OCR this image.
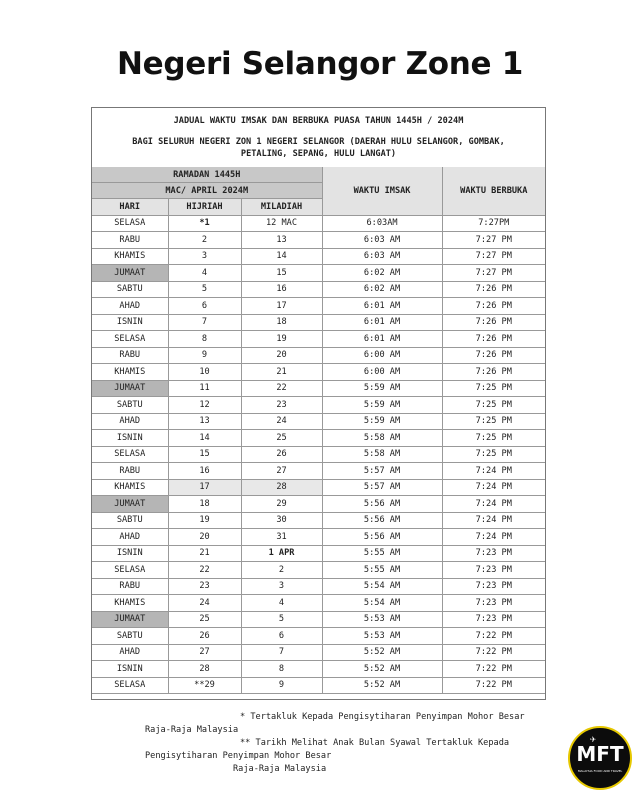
Negeri Selangor Zone 1
JADUAL WAKTU IMSAK DAN BERBUKA PUASA TAHUN 1445H / 2024M
BAGI SELURUH NEGERI ZON 1 NEGERI SELANGOR (DAERAH HULU SELANGOR, GOMBAK, PETALING, SEPANG, HULU LANGAT)
RAMADAN 1445H			WAKTU IMSAK	WAKTU BERBUKA
MAC/ APRIL 2024M				
HARI	HIJRIAH	MILADIAH		
SELASA	*1	12 MAC	6:03AM	7:27PM
RABU	2	13	6:03 AM	7:27 PM
KHAMIS	3	14	6:03 AM	7:27 PM
JUMAAT	4	15	6:02 AM	7:27 PM
SABTU	5	16	6:02 AM	7:26 PM
AHAD	6	17	6:01 AM	7:26 PM
ISNIN	7	18	6:01 AM	7:26 PM
SELASA	8	19	6:01 AM	7:26 PM
RABU	9	20	6:00 AM	7:26 PM
KHAMIS	10	21	6:00 AM	7:26 PM
JUMAAT	11	22	5:59 AM	7:25 PM
SABTU	12	23	5:59 AM	7:25 PM
AHAD	13	24	5:59 AM	7:25 PM
ISNIN	14	25	5:58 AM	7:25 PM
SELASA	15	26	5:58 AM	7:25 PM
RABU	16	27	5:57 AM	7:24 PM
KHAMIS	17	28	5:57 AM	7:24 PM
JUMAAT	18	29	5:56 AM	7:24 PM
SABTU	19	30	5:56 AM	7:24 PM
AHAD	20	31	5:56 AM	7:24 PM
ISNIN	21	1 APR	5:55 AM	7:23 PM
SELASA	22	2	5:55 AM	7:23 PM
RABU	23	3	5:54 AM	7:23 PM
KHAMIS	24	4	5:54 AM	7:23 PM
JUMAAT	25	5	5:53 AM	7:23 PM
SABTU	26	6	5:53 AM	7:22 PM
AHAD	27	7	5:52 AM	7:22 PM
ISNIN	28	8	5:52 AM	7:22 PM
SELASA	**29	9	5:52 AM	7:22 PM
* Tertakluk Kepada Pengisytiharan Penyimpan Mohor Besar
Raja-Raja Malaysia
** Tarikh Melihat Anak Bulan Syawal Tertakluk Kepada
Pengisytiharan Penyimpan Mohor Besar
Raja-Raja Malaysia
✈
MFT
MALAYSIA FOOD AND TRAVEL
